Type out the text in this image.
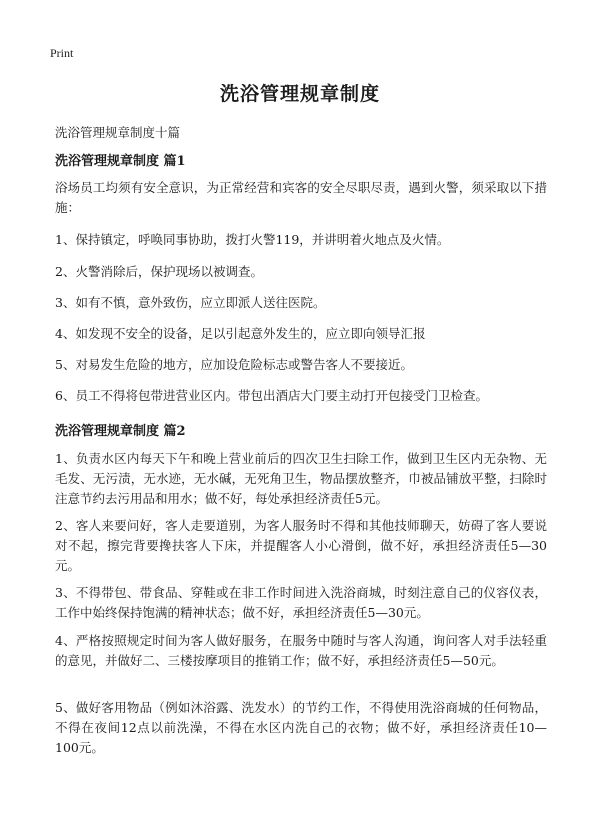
Print
洗浴管理规章制度

洗浴管理规章制度十篇

洗浴管理规章制度 篇1

浴场员工均须有安全意识，为正常经营和宾客的安全尽职尽责，遇到火警，须采取以下措施：

1、保持镇定，呼唤同事协助，拨打火警119，并讲明着火地点及火情。

2、火警消除后，保护现场以被调查。

3、如有不慎，意外致伤，应立即派人送往医院。

4、如发现不安全的设备，足以引起意外发生的，应立即向领导汇报

5、对易发生危险的地方，应加设危险标志或警告客人不要接近。

6、员工不得将包带进营业区内。带包出酒店大门要主动打开包接受门卫检查。

洗浴管理规章制度 篇2

1、负责水区内每天下午和晚上营业前后的四次卫生扫除工作，做到卫生区内无杂物、无毛发、无污渍，无水迹，无水碱，无死角卫生，物品摆放整齐，巾被品铺放平整，扫除时注意节约去污用品和用水；做不好，每处承担经济责任5元。

2、客人来要问好，客人走要道别，为客人服务时不得和其他技师聊天，妨碍了客人要说对不起，擦完背要搀扶客人下床，并提醒客人小心滑倒，做不好，承担经济责任5—30元。

3、不得带包、带食品、穿鞋或在非工作时间进入洗浴商城，时刻注意自己的仪容仪表，工作中始终保持饱满的精神状态；做不好，承担经济责任5—30元。

4、严格按照规定时间为客人做好服务，在服务中随时与客人沟通，询问客人对手法轻重的意见，并做好二、三楼按摩项目的推销工作；做不好，承担经济责任5—50元。

5、做好客用物品（例如沐浴露、洗发水）的节约工作，不得使用洗浴商城的任何物品，不得在夜间12点以前洗澡，不得在水区内洗自己的衣物；做不好，承担经济责任10—100元。
